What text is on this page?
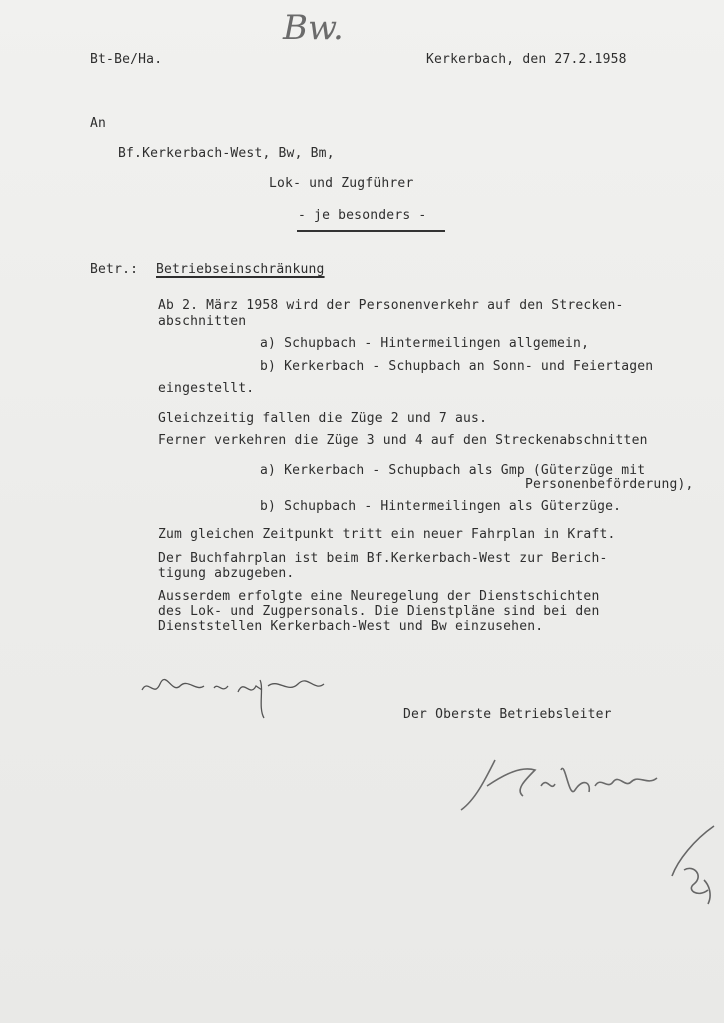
Bw.
Bt-Be/Ha.	Kerkerbach, den 27.2.1958
An
Bf.Kerkerbach-West, Bw, Bm,
Lok- und Zugführer
- je besonders -
Betr.: Betriebseinschränkung
Ab 2. März 1958 wird der Personenverkehr auf den Strecken-
abschnitten
a) Schupbach - Hintermeilingen allgemein,
b) Kerkerbach - Schupbach an Sonn- und Feiertagen
eingestellt.
Gleichzeitig fallen die Züge 2 und 7 aus.
Ferner verkehren die Züge 3 und 4 auf den Streckenabschnitten
a) Kerkerbach - Schupbach als Gmp (Güterzüge mit
Personenbeförderung),
b) Schupbach - Hintermeilingen als Güterzüge.
Zum gleichen Zeitpunkt tritt ein neuer Fahrplan in Kraft.
Der Buchfahrplan ist beim Bf.Kerkerbach-West zur Berich-
tigung abzugeben.
Ausserdem erfolgte eine Neuregelung der Dienstschichten
des Lok- und Zugpersonals. Die Dienstpläne sind bei den
Dienststellen Kerkerbach-West und Bw einzusehen.
Der Oberste Betriebsleiter
